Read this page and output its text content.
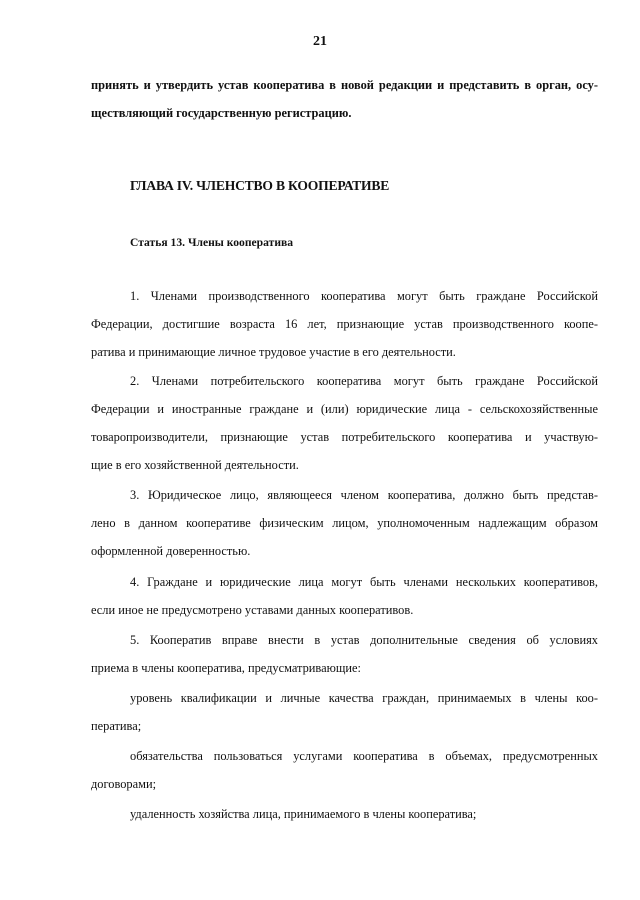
21
принять и утвердить устав кооператива в новой редакции и представить в орган, осу-
ществляющий государственную регистрацию.
ГЛАВА IV. ЧЛЕНСТВО В КООПЕРАТИВЕ
Статья 13. Члены кооператива
1. Членами производственного кооператива могут быть граждане Российской
Федерации, достигшие возраста 16 лет, признающие устав производственного коопе-
ратива и принимающие личное трудовое участие в его деятельности.
2. Членами потребительского кооператива могут быть граждане Российской
Федерации и иностранные граждане и (или) юридические лица - сельскохозяйственные
товаропроизводители, признающие устав потребительского кооператива и участвую-
щие в его хозяйственной деятельности.
3. Юридическое лицо, являющееся членом кооператива, должно быть представ-
лено в данном кооперативе физическим лицом, уполномоченным надлежащим образом
оформленной доверенностью.
4. Граждане и юридические лица могут быть членами нескольких кооперативов,
если иное не предусмотрено уставами данных кооперативов.
5. Кооператив вправе внести в устав дополнительные сведения об условиях
приема в члены кооператива, предусматривающие:
уровень квалификации и личные качества граждан, принимаемых в члены коо-
ператива;
обязательства пользоваться услугами кооператива в объемах, предусмотренных
договорами;
удаленность хозяйства лица, принимаемого в члены кооператива;
